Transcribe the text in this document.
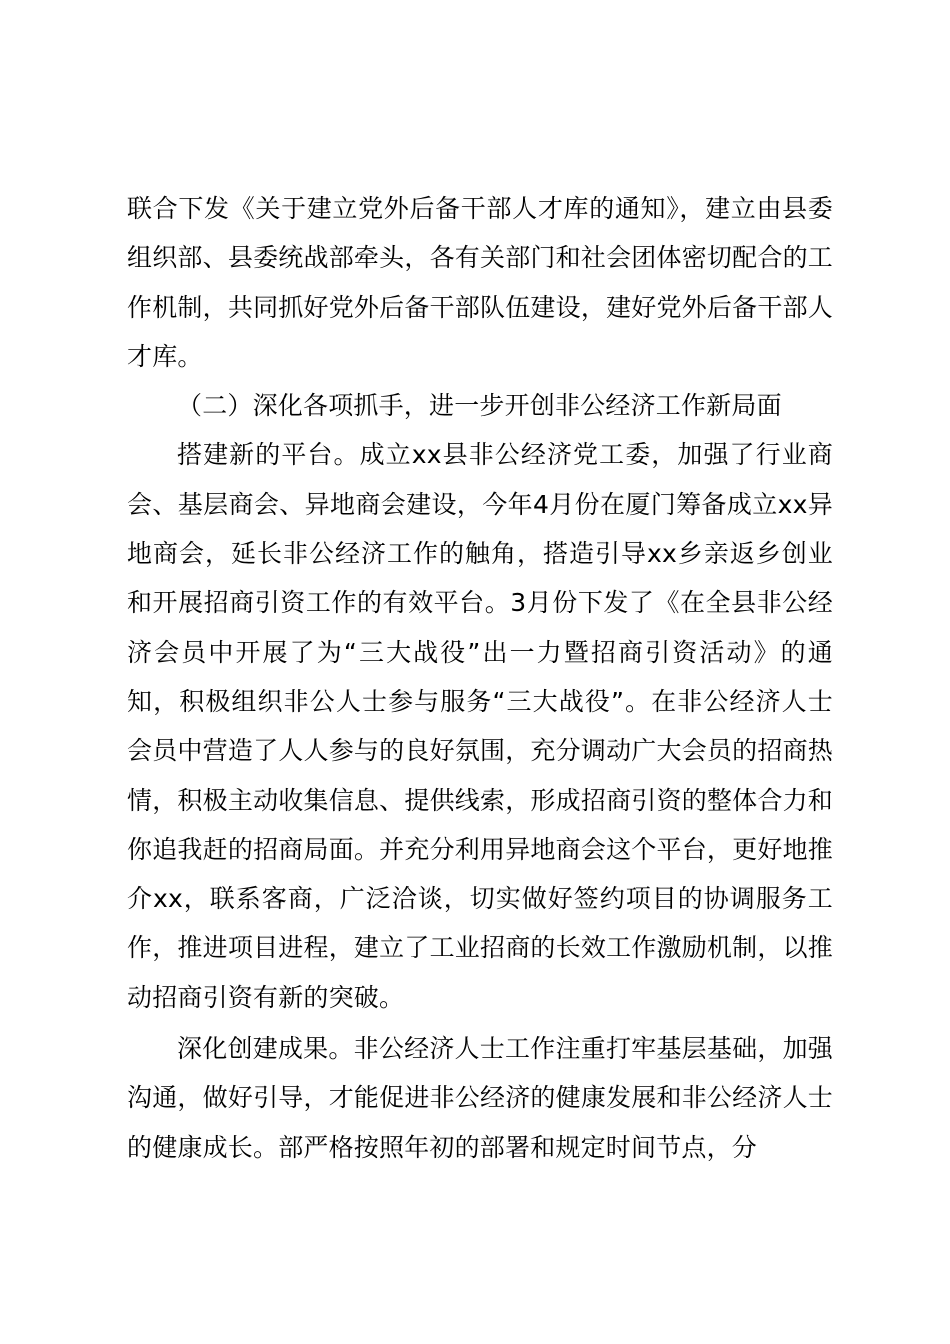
联合下发《关于建立党外后备干部人才库的通知》，建立由县委组织部、县委统战部牵头，各有关部门和社会团体密切配合的工作机制，共同抓好党外后备干部队伍建设，建好党外后备干部人才库。

（二）深化各项抓手，进一步开创非公经济工作新局面

搭建新的平台。成立xx县非公经济党工委，加强了行业商会、基层商会、异地商会建设，今年4月份在厦门筹备成立xx异地商会，延长非公经济工作的触角，搭造引导xx乡亲返乡创业和开展招商引资工作的有效平台。3月份下发了《在全县非公经济会员中开展了为“三大战役”出一力暨招商引资活动》的通知，积极组织非公人士参与服务“三大战役”。在非公经济人士会员中营造了人人参与的良好氛围，充分调动广大会员的招商热情，积极主动收集信息、提供线索，形成招商引资的整体合力和你追我赶的招商局面。并充分利用异地商会这个平台，更好地推介xx，联系客商，广泛洽谈，切实做好签约项目的协调服务工作，推进项目进程，建立了工业招商的长效工作激励机制，以推动招商引资有新的突破。

深化创建成果。非公经济人士工作注重打牢基层基础，加强沟通，做好引导，才能促进非公经济的健康发展和非公经济人士的健康成长。部严格按照年初的部署和规定时间节点，分
